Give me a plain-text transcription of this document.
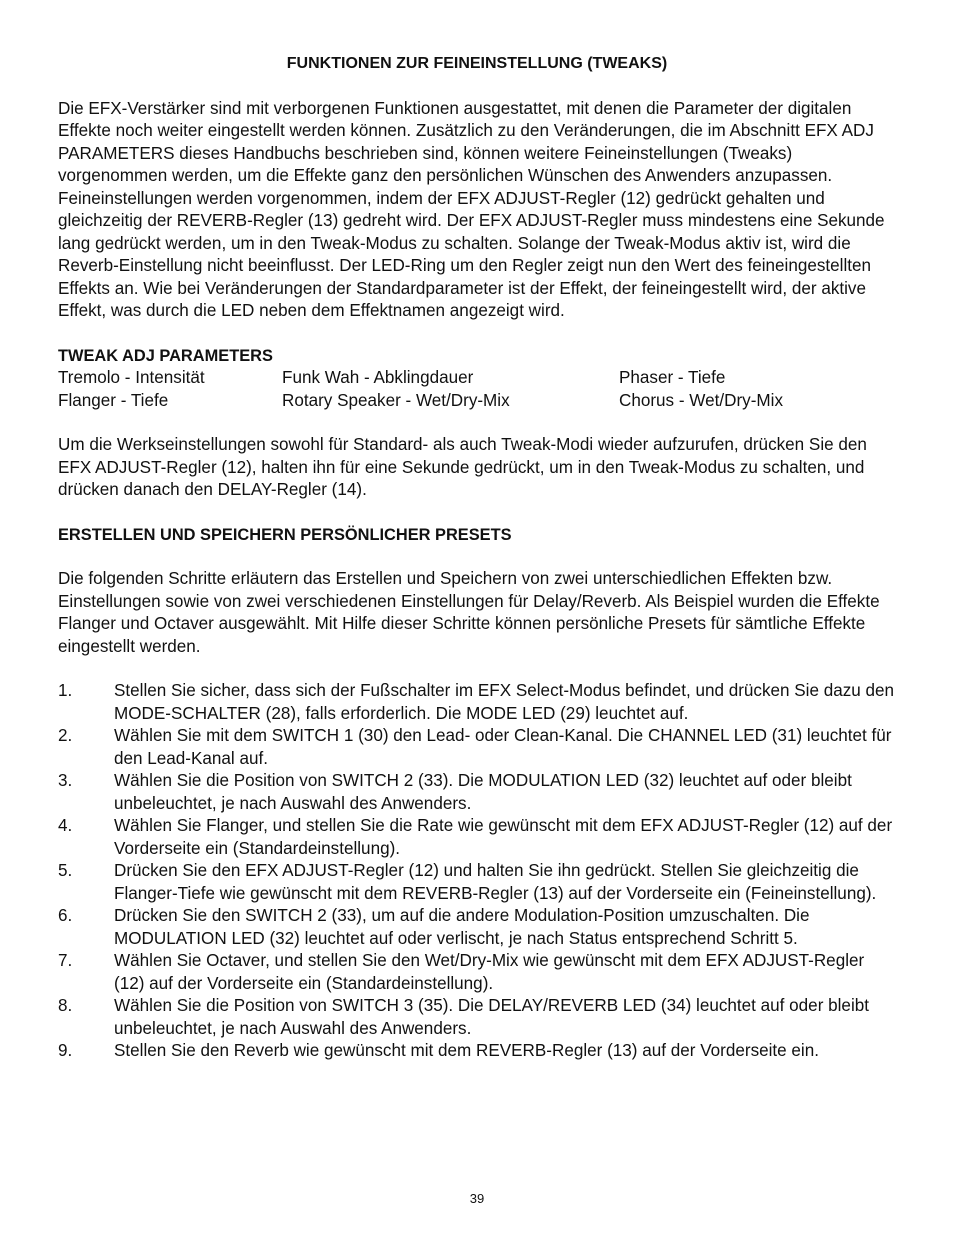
FUNKTIONEN ZUR FEINEINSTELLUNG (TWEAKS)

Die EFX-Verstärker sind mit verborgenen Funktionen ausgestattet, mit denen die Parameter der digitalen Effekte noch weiter eingestellt werden können. Zusätzlich zu den Veränderungen, die im Abschnitt EFX ADJ PARAMETERS dieses Handbuchs beschrieben sind, können weitere Feineinstellungen (Tweaks) vorgenommen werden, um die Effekte ganz den persönlichen Wünschen des Anwenders anzupassen. Feineinstellungen werden vorgenommen, indem der EFX ADJUST-Regler (12) gedrückt gehalten und gleichzeitig der REVERB-Regler (13) gedreht wird. Der EFX ADJUST-Regler muss mindestens eine Sekunde lang gedrückt werden, um in den Tweak-Modus zu schalten. Solange der Tweak-Modus aktiv ist, wird die Reverb-Einstellung nicht beeinflusst. Der LED-Ring um den Regler zeigt nun den Wert des feineingestellten Effekts an. Wie bei Veränderungen der Standardparameter ist der Effekt, der feineingestellt wird, der aktive Effekt, was durch die LED neben dem Effektnamen angezeigt wird.

TWEAK ADJ PARAMETERS

Tremolo - Intensität	Funk Wah - Abklingdauer	Phaser - Tiefe
Flanger - Tiefe	Rotary Speaker - Wet/Dry-Mix	Chorus - Wet/Dry-Mix

Um die Werkseinstellungen sowohl für Standard- als auch Tweak-Modi wieder aufzurufen, drücken Sie den EFX ADJUST-Regler (12), halten ihn für eine Sekunde gedrückt, um in den Tweak-Modus zu schalten, und drücken danach den DELAY-Regler (14).

ERSTELLEN UND SPEICHERN PERSÖNLICHER PRESETS

Die folgenden Schritte erläutern das Erstellen und Speichern von zwei unterschiedlichen Effekten bzw. Einstellungen sowie von zwei verschiedenen Einstellungen für Delay/Reverb. Als Beispiel wurden die Effekte Flanger und Octaver ausgewählt. Mit Hilfe dieser Schritte können persönliche Presets für sämtliche Effekte eingestellt werden.

1.	Stellen Sie sicher, dass sich der Fußschalter im EFX Select-Modus befindet, und drücken Sie dazu den MODE-SCHALTER (28), falls erforderlich. Die MODE LED (29) leuchtet auf.
2.	Wählen Sie mit dem SWITCH 1 (30) den Lead- oder Clean-Kanal. Die CHANNEL LED (31) leuchtet für den Lead-Kanal auf.
3.	Wählen Sie die Position von SWITCH 2 (33). Die MODULATION LED (32) leuchtet auf oder bleibt unbeleuchtet, je nach Auswahl des Anwenders.
4.	Wählen Sie Flanger, und stellen Sie die Rate wie gewünscht mit dem EFX ADJUST-Regler (12) auf der Vorderseite ein (Standardeinstellung).
5.	Drücken Sie den EFX ADJUST-Regler (12) und halten Sie ihn gedrückt. Stellen Sie gleichzeitig die Flanger-Tiefe wie gewünscht mit dem REVERB-Regler (13) auf der Vorderseite ein (Feineinstellung).
6.	Drücken Sie den SWITCH 2 (33), um auf die andere Modulation-Position umzuschalten. Die MODULATION LED (32) leuchtet auf oder verlischt, je nach Status entsprechend Schritt 5.
7.	Wählen Sie Octaver, und stellen Sie den Wet/Dry-Mix wie gewünscht mit dem EFX ADJUST-Regler (12) auf der Vorderseite ein (Standardeinstellung).
8.	Wählen Sie die Position von SWITCH 3 (35). Die DELAY/REVERB LED (34) leuchtet auf oder bleibt unbeleuchtet, je nach Auswahl des Anwenders.
9.	Stellen Sie den Reverb wie gewünscht mit dem REVERB-Regler (13) auf der Vorderseite ein.
39
